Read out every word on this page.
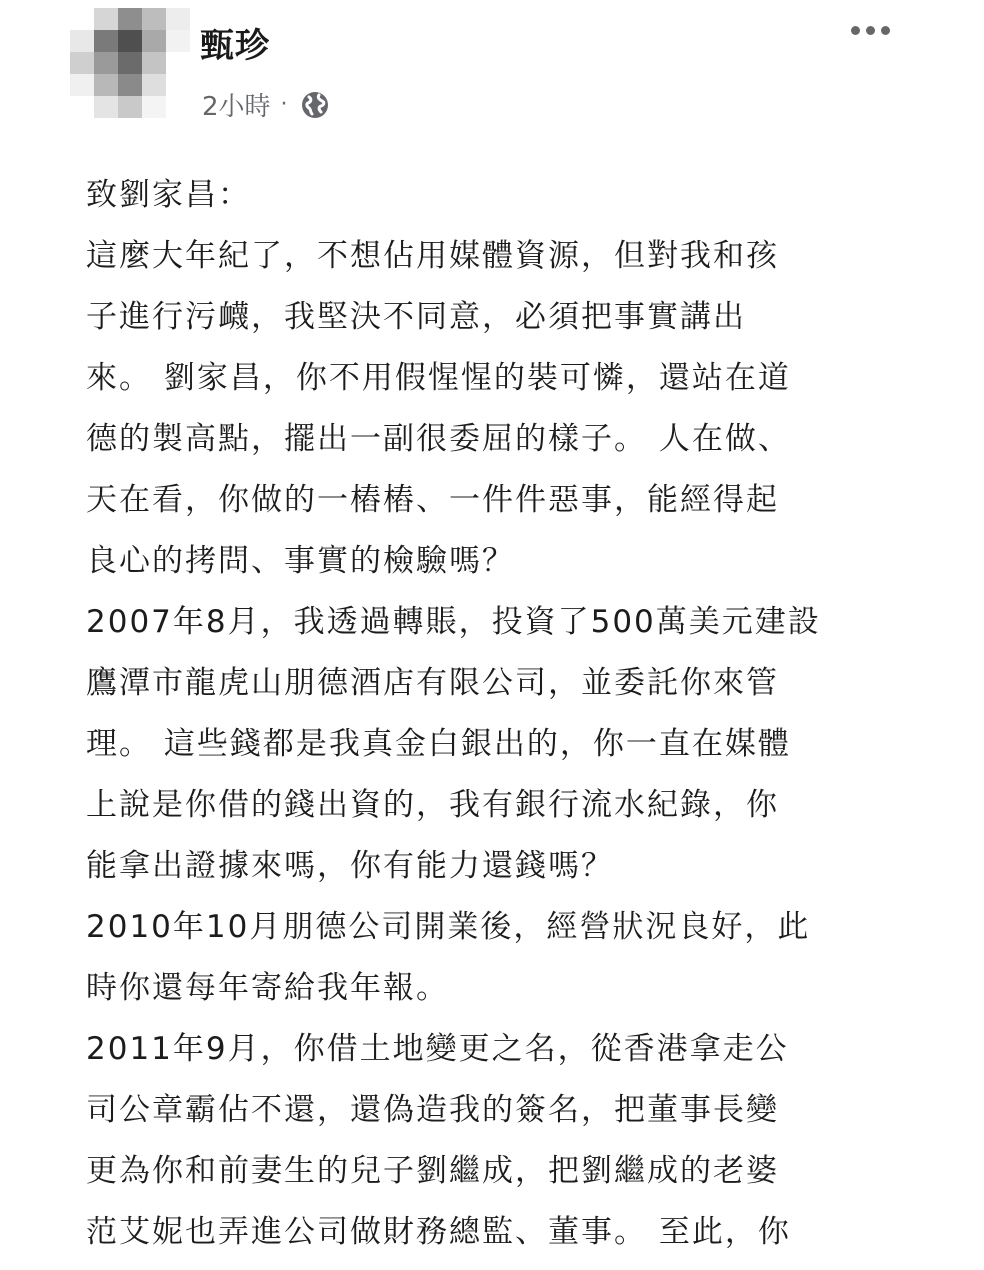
甄珍
2小時 ·

致劉家昌：

這麼大年紀了，不想佔用媒體資源，但對我和孩

子進行污衊，我堅決不同意，必須把事實講出

來。 劉家昌，你不用假惺惺的裝可憐，還站在道

德的製高點，擺出一副很委屈的樣子。 人在做、

天在看，你做的一樁樁、一件件惡事，能經得起

良心的拷問、事實的檢驗嗎？

2007年8月，我透過轉賬，投資了500萬美元建設

鷹潭市龍虎山朋德酒店有限公司，並委託你來管

理。 這些錢都是我真金白銀出的，你一直在媒體

上說是你借的錢出資的，我有銀行流水紀錄，你

能拿出證據來嗎，你有能力還錢嗎？

2010年10月朋德公司開業後，經營狀況良好，此

時你還每年寄給我年報。

2011年9月，你借土地變更之名，從香港拿走公

司公章霸佔不還，還偽造我的簽名，把董事長變

更為你和前妻生的兒子劉繼成，把劉繼成的老婆

范艾妮也弄進公司做財務總監、董事。 至此，你
